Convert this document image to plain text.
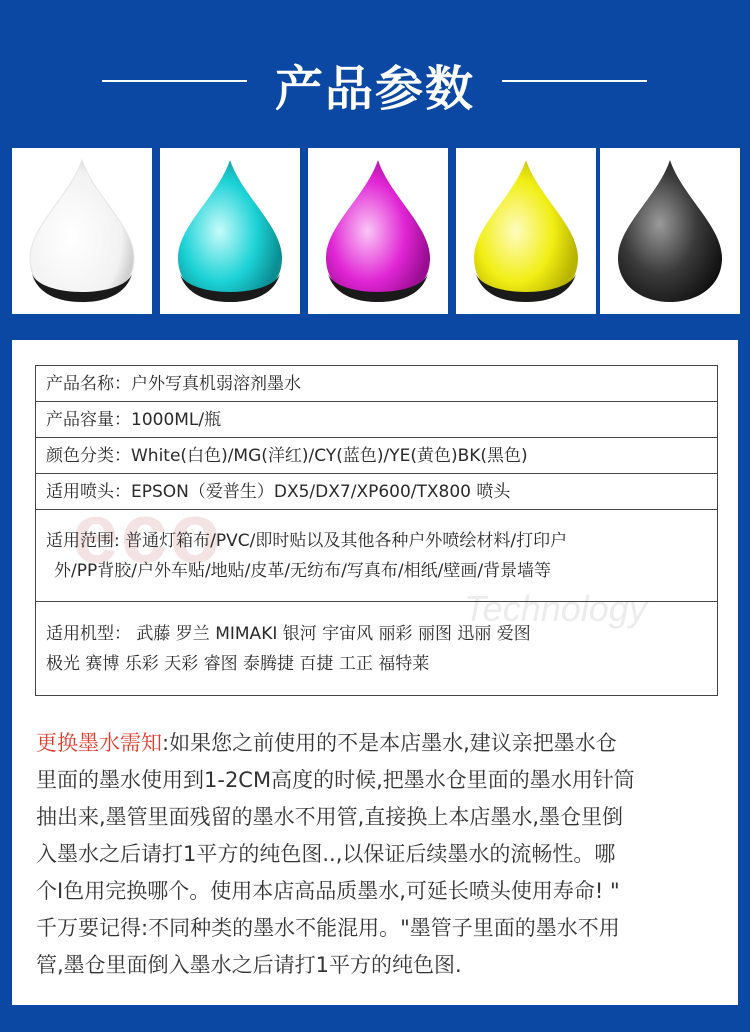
产品参数
eco
Technology
产品名称：户外写真机弱溶剂墨水
产品容量：1000ML/瓶
颜色分类：White(白色)/MG(洋红)/CY(蓝色)/YE(黄色)BK(黑色)
适用喷头：EPSON（爱普生）DX5/DX7/XP600/TX800 喷头

适用范围: 普通灯箱布/PVC/即时贴以及其他各种户外喷绘材料/打印户
外/PP背胶/户外车贴/地贴/皮革/无纺布/写真布/相纸/壁画/背景墙等

适用机型： 武藤 罗兰 MIMAKI 银河 宇宙风 丽彩 丽图 迅丽 爱图
极光 赛博 乐彩 天彩 睿图 泰腾捷 百捷 工正 福特莱
更换墨水需知:如果您之前使用的不是本店墨水,建议亲把墨水仓
里面的墨水使用到1-2CM高度的时候,把墨水仓里面的墨水用针筒
抽出来,墨管里面残留的墨水不用管,直接换上本店墨水,墨仓里倒
入墨水之后请打1平方的纯色图..,以保证后续墨水的流畅性。哪
个I色用完换哪个。使用本店高品质墨水,可延长喷头使用寿命! "
千万要记得:不同种类的墨水不能混用。"墨管子里面的墨水不用
管,墨仓里面倒入墨水之后请打1平方的纯色图.
